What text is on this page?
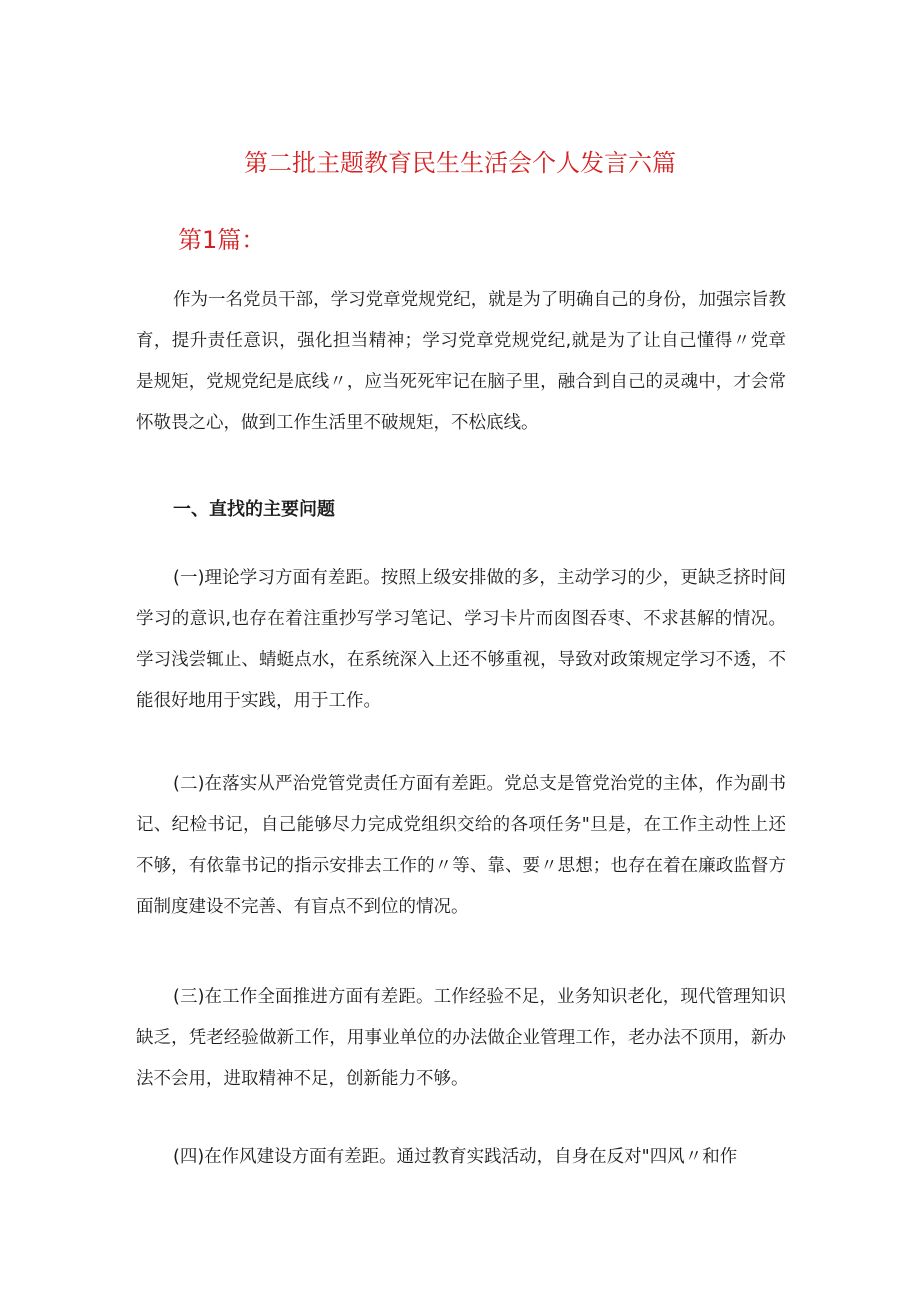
第二批主题教育民生生活会个人发言六篇
第1篇：

作为一名党员干部，学习党章党规党纪，就是为了明确自己的身份，加强宗旨教育，提升责任意识，强化担当精神；学习党章党规党纪,就是为了让自己懂得〃党章是规矩，党规党纪是底线〃，应当死死牢记在脑子里，融合到自己的灵魂中，才会常怀敬畏之心，做到工作生活里不破规矩，不松底线。

一、直找的主要问题

(一)理论学习方面有差距。按照上级安排做的多，主动学习的少，更缺乏挤时间学习的意识,也存在着注重抄写学习笔记、学习卡片而囱图吞枣、不求甚解的情况。学习浅尝辄止、蜻蜓点水，在系统深入上还不够重视，导致对政策规定学习不透，不能很好地用于实践，用于工作。

(二)在落实从严治党管党责任方面有差距。党总支是管党治党的主体，作为副书记、纪检书记，自己能够尽力完成党组织交给的各项任务"旦是，在工作主动性上还不够，有依靠书记的指示安排去工作的〃等、靠、要〃思想；也存在着在廉政监督方面制度建设不完善、有盲点不到位的情况。

(三)在工作全面推进方面有差距。工作经验不足，业务知识老化，现代管理知识缺乏，凭老经验做新工作，用事业单位的办法做企业管理工作，老办法不顶用，新办法不会用，进取精神不足，创新能力不够。

(四)在作风建设方面有差距。通过教育实践活动，自身在反对"四风〃和作
